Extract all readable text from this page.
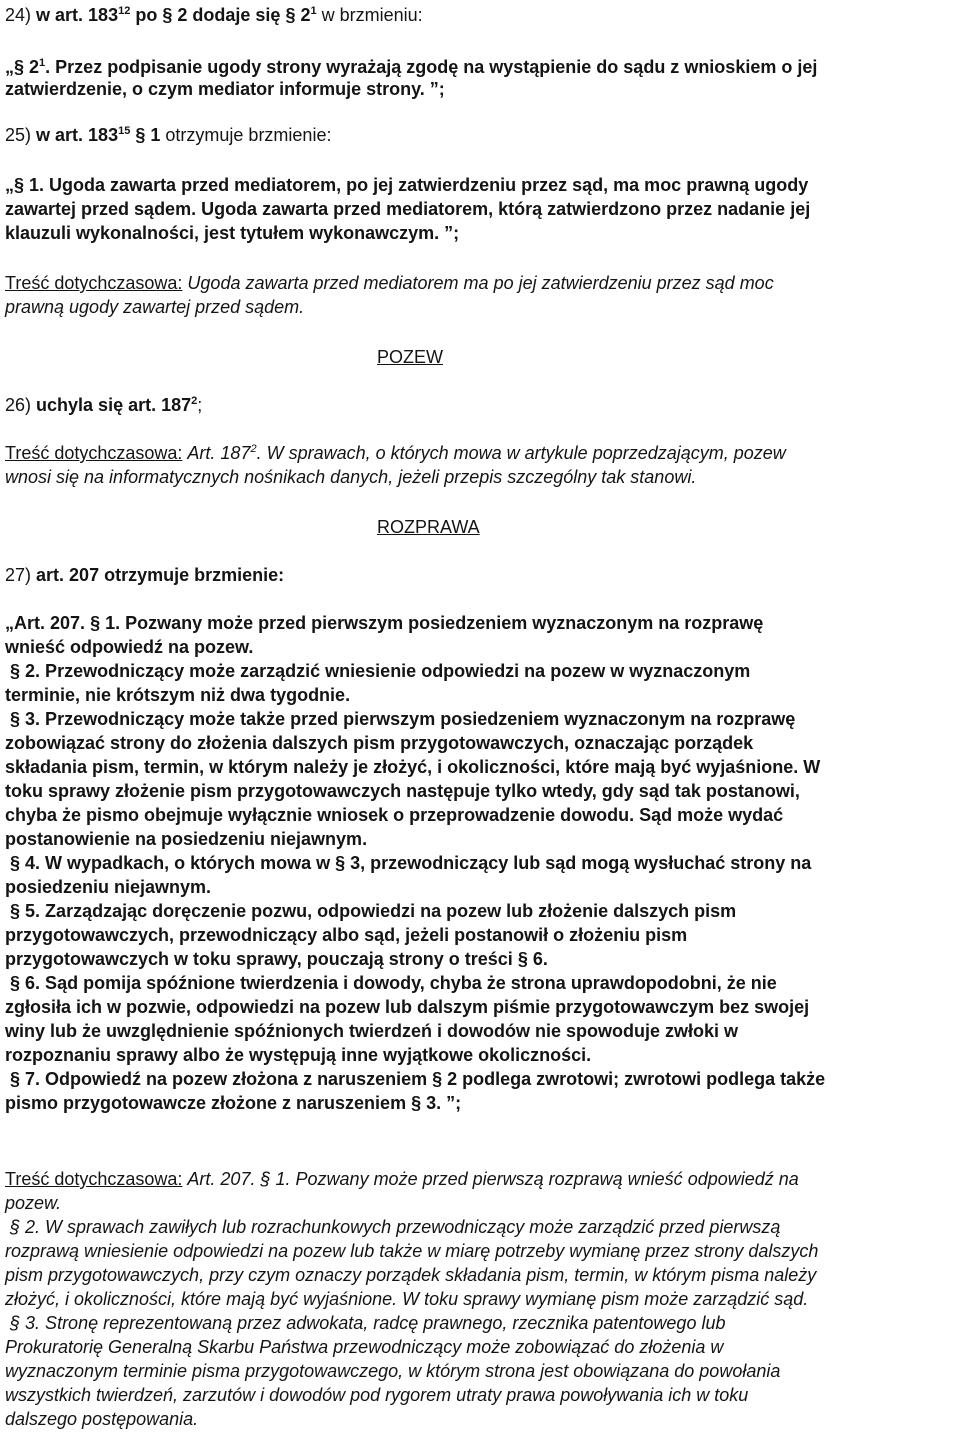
24) w art. $183^{12}$ po § 2 dodaje się § $2^1$ w brzmieniu:
„§ $2^1$. Przez podpisanie ugody strony wyrażają zgodę na wystąpienie do sądu z wnioskiem o jej
zatwierdzenie, o czym mediator informuje strony. ”;
25) w art. $183^{15}$ § 1 otrzymuje brzmienie:
„§ 1. Ugoda zawarta przed mediatorem, po jej zatwierdzeniu przez sąd, ma moc prawną ugody
zawartej przed sądem. Ugoda zawarta przed mediatorem, którą zatwierdzono przez nadanie jej
klauzuli wykonalności, jest tytułem wykonawczym. ”;
Treść dotychczasowa: Ugoda zawarta przed mediatorem ma po jej zatwierdzeniu przez sąd moc
prawną ugody zawartej przed sądem.
POZEW
26) uchyla się art. $187^2$;
Treść dotychczasowa: Art. $187^2$. W sprawach, o których mowa w artykule poprzedzającym, pozew
wnosi się na informatycznych nośnikach danych, jeżeli przepis szczególny tak stanowi.
ROZPRAWA
27) art. 207 otrzymuje brzmienie:
„Art. 207. § 1. Pozwany może przed pierwszym posiedzeniem wyznaczonym na rozprawę
wnieść odpowiedź na pozew.
§ 2. Przewodniczący może zarządzić wniesienie odpowiedzi na pozew w wyznaczonym
terminie, nie krótszym niż dwa tygodnie.
§ 3. Przewodniczący może także przed pierwszym posiedzeniem wyznaczonym na rozprawę
zobowiązać strony do złożenia dalszych pism przygotowawczych, oznaczając porządek
składania pism, termin, w którym należy je złożyć, i okoliczności, które mają być wyjaśnione. W
toku sprawy złożenie pism przygotowawczych następuje tylko wtedy, gdy sąd tak postanowi,
chyba że pismo obejmuje wyłącznie wniosek o przeprowadzenie dowodu. Sąd może wydać
postanowienie na posiedzeniu niejawnym.
§ 4. W wypadkach, o których mowa w § 3, przewodniczący lub sąd mogą wysłuchać strony na
posiedzeniu niejawnym.
§ 5. Zarządzając doręczenie pozwu, odpowiedzi na pozew lub złożenie dalszych pism
przygotowawczych, przewodniczący albo sąd, jeżeli postanowił o złożeniu pism
przygotowawczych w toku sprawy, pouczają strony o treści § 6.
§ 6. Sąd pomija spóźnione twierdzenia i dowody, chyba że strona uprawdopodobni, że nie
zgłosiła ich w pozwie, odpowiedzi na pozew lub dalszym piśmie przygotowawczym bez swojej
winy lub że uwzględnienie spóźnionych twierdzeń i dowodów nie spowoduje zwłoki w
rozpoznaniu sprawy albo że występują inne wyjątkowe okoliczności.
§ 7. Odpowiedź na pozew złożona z naruszeniem § 2 podlega zwrotowi; zwrotowi podlega także
pismo przygotowawcze złożone z naruszeniem § 3. ”;
Treść dotychczasowa: Art. 207. § 1. Pozwany może przed pierwszą rozprawą wnieść odpowiedź na
pozew.
§ 2. W sprawach zawiłych lub rozrachunkowych przewodniczący może zarządzić przed pierwszą
rozprawą wniesienie odpowiedzi na pozew lub także w miarę potrzeby wymianę przez strony dalszych
pism przygotowawczych, przy czym oznaczy porządek składania pism, termin, w którym pisma należy
złożyć, i okoliczności, które mają być wyjaśnione. W toku sprawy wymianę pism może zarządzić sąd.
§ 3. Stronę reprezentowaną przez adwokata, radcę prawnego, rzecznika patentowego lub
Prokuratorię Generalną Skarbu Państwa przewodniczący może zobowiązać do złożenia w
wyznaczonym terminie pisma przygotowawczego, w którym strona jest obowiązana do powołania
wszystkich twierdzeń, zarzutów i dowodów pod rygorem utraty prawa powoływania ich w toku
dalszego postępowania.
